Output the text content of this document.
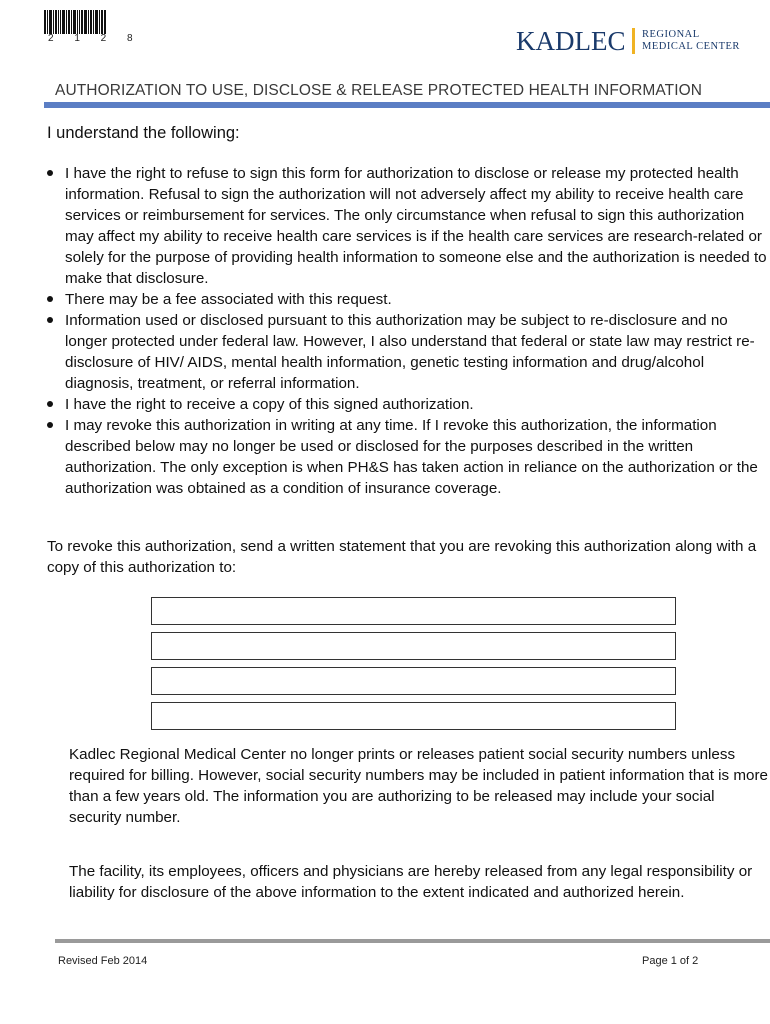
2 1 2 8	KADLEC REGIONAL
MEDICAL CENTER
AUTHORIZATION TO USE, DISCLOSE & RELEASE PROTECTED HEALTH INFORMATION
I understand the following:
I have the right to refuse to sign this form for authorization to disclose or release my protected health information. Refusal to sign the authorization will not adversely affect my ability to receive health care services or reimbursement for services. The only circumstance when refusal to sign this authorization may affect my ability to receive health care services is if the health care services are research-related or solely for the purpose of providing health information to someone else and the authorization is needed to make that disclosure.
There may be a fee associated with this request.
Information used or disclosed pursuant to this authorization may be subject to re-disclosure and no longer protected under federal law. However, I also understand that federal or state law may restrict re-disclosure of HIV/ AIDS, mental health information, genetic testing information and drug/alcohol diagnosis, treatment, or referral information.
I have the right to receive a copy of this signed authorization.
I may revoke this authorization in writing at any time. If I revoke this authorization, the information described below may no longer be used or disclosed for the purposes described in the written authorization. The only exception is when PH&S has taken action in reliance on the authorization or the authorization was obtained as a condition of insurance coverage.
To revoke this authorization, send a written statement that you are revoking this authorization along with a copy of this authorization to:
Kadlec Regional Medical Center no longer prints or releases patient social security numbers unless required for billing. However, social security numbers may be included in patient information that is more than a few years old. The information you are authorizing to be released may include your social security number.
The facility, its employees, officers and physicians are hereby released from any legal responsibility or liability for disclosure of the above information to the extent indicated and authorized herein.
Revised Feb 2014	Page 1 of 2
